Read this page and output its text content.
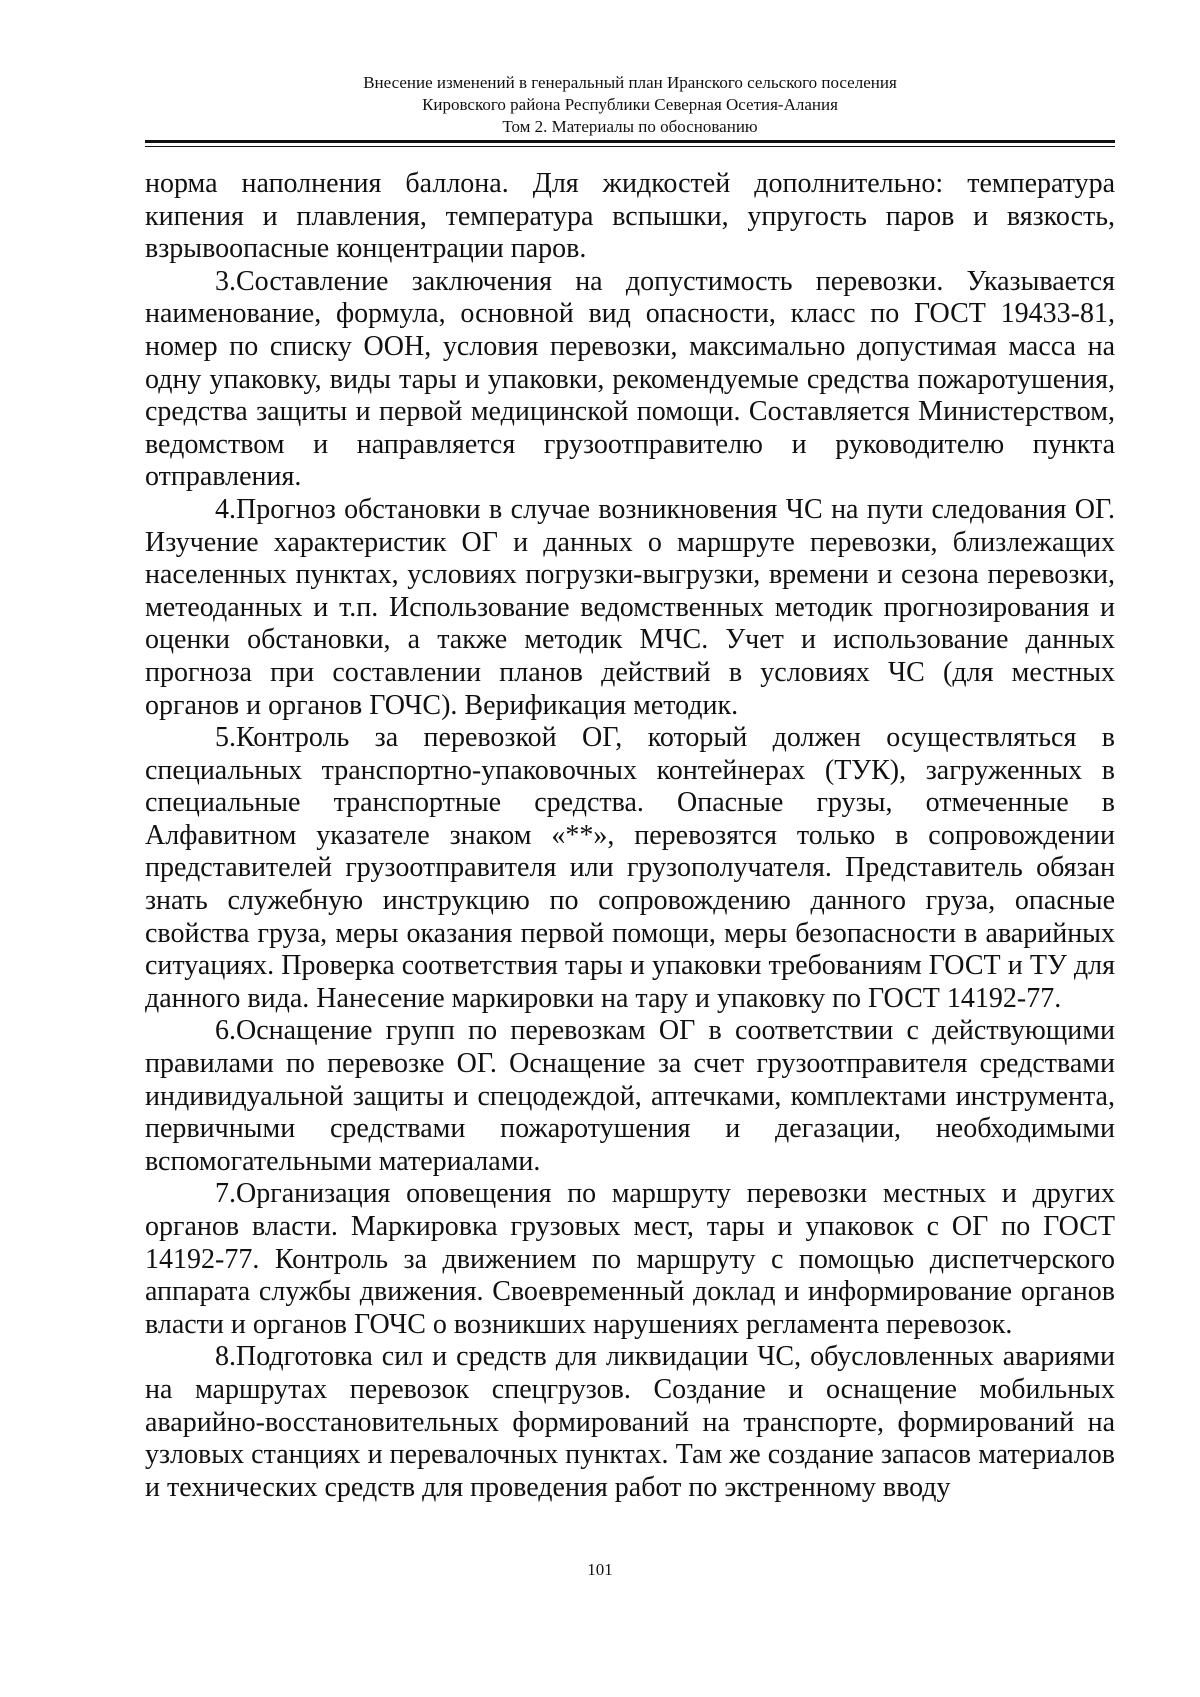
Внесение изменений в генеральный план Иранского сельского поселения
Кировского района Республики Северная Осетия-Алания
Том 2. Материалы по обоснованию

норма наполнения баллона. Для жидкостей дополнительно: температура кипения и плавления, температура вспышки, упругость паров и вязкость, взрывоопасные концентрации паров.

3.Составление заключения на допустимость перевозки. Указывается наименование, формула, основной вид опасности, класс по ГОСТ 19433-81, номер по списку ООН, условия перевозки, максимально допустимая масса на одну упаковку, виды тары и упаковки, рекомендуемые средства пожаротушения, средства защиты и первой медицинской помощи. Составляется Министерством, ведомством и направляется грузоотправителю и руководителю пункта отправления.

4.Прогноз обстановки в случае возникновения ЧС на пути следования ОГ. Изучение характеристик ОГ и данных о маршруте перевозки, близлежащих населенных пунктах, условиях погрузки-выгрузки, времени и сезона перевозки, метеоданных и т.п. Использование ведомственных методик прогнозирования и оценки обстановки, а также методик МЧС. Учет и использование данных прогноза при составлении планов действий в условиях ЧС (для местных органов и органов ГОЧС). Верификация методик.

5.Контроль за перевозкой ОГ, который должен осуществляться в специальных транспортно-упаковочных контейнерах (ТУК), загруженных в специальные транспортные средства. Опасные грузы, отмеченные в Алфавитном указателе знаком «**», перевозятся только в сопровождении представителей грузоотправителя или грузополучателя. Представитель обязан знать служебную инструкцию по сопровождению данного груза, опасные свойства груза, меры оказания первой помощи, меры безопасности в аварийных ситуациях. Проверка соответствия тары и упаковки требованиям ГОСТ и ТУ для данного вида. Нанесение маркировки на тару и упаковку по ГОСТ 14192-77.

6.Оснащение групп по перевозкам ОГ в соответствии с действующими правилами по перевозке ОГ. Оснащение за счет грузоотправителя средствами индивидуальной защиты и спецодеждой, аптечками, комплектами инструмента, первичными средствами пожаротушения и дегазации, необходимыми вспомогательными материалами.

7.Организация оповещения по маршруту перевозки местных и других органов власти. Маркировка грузовых мест, тары и упаковок с ОГ по ГОСТ 14192-77. Контроль за движением по маршруту с помощью диспетчерского аппарата службы движения. Своевременный доклад и информирование органов власти и органов ГОЧС о возникших нарушениях регламента перевозок.

8.Подготовка сил и средств для ликвидации ЧС, обусловленных авариями на маршрутах перевозок спецгрузов. Создание и оснащение мобильных аварийно-восстановительных формирований на транспорте, формирований на узловых станциях и перевалочных пунктах. Там же создание запасов материалов и технических средств для проведения работ по экстренному вводу

101
